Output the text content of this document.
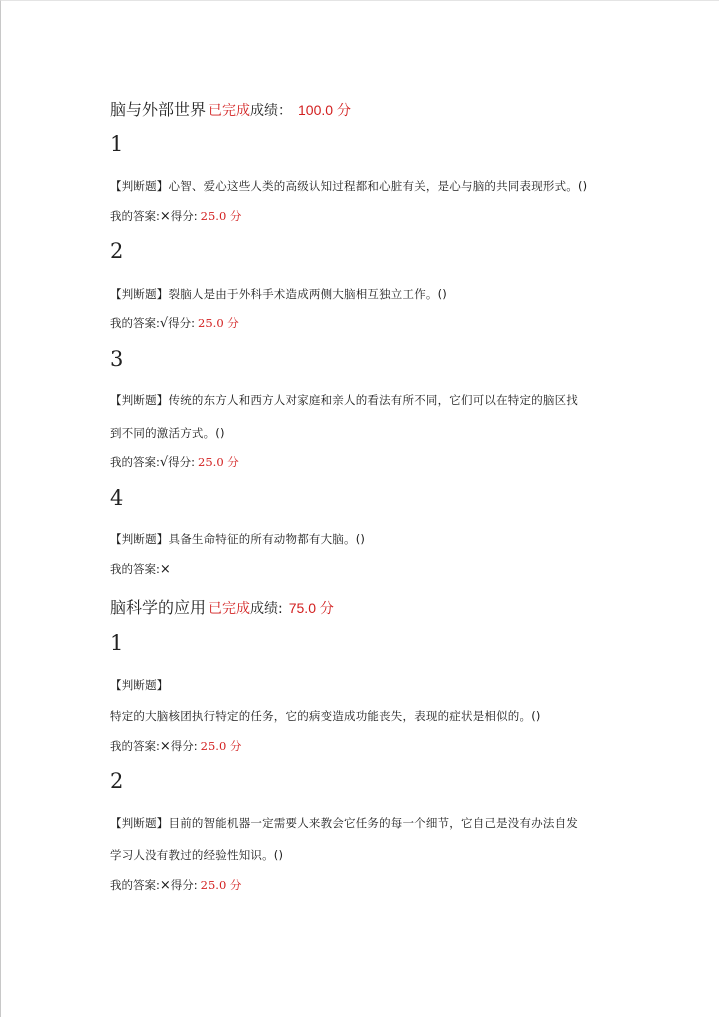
脑与外部世界 已完成成绩： 100.0 分
1
【判断题】心智、爱心这些人类的高级认知过程都和心脏有关，是心与脑的共同表现形式。()
我的答案:×得分: 25.0 分
2
【判断题】裂脑人是由于外科手术造成两侧大脑相互独立工作。()
我的答案:√得分: 25.0 分
3
【判断题】传统的东方人和西方人对家庭和亲人的看法有所不同，它们可以在特定的脑区找
到不同的激活方式。()
我的答案:√得分: 25.0 分
4
【判断题】具备生命特征的所有动物都有大脑。()
我的答案:×
脑科学的应用 已完成成绩: 75.0 分
1
【判断题】
特定的大脑核团执行特定的任务，它的病变造成功能丧失，表现的症状是相似的。()
我的答案:×得分: 25.0 分
2
【判断题】目前的智能机器一定需要人来教会它任务的每一个细节，它自己是没有办法自发
学习人没有教过的经验性知识。()
我的答案:×得分: 25.0 分
